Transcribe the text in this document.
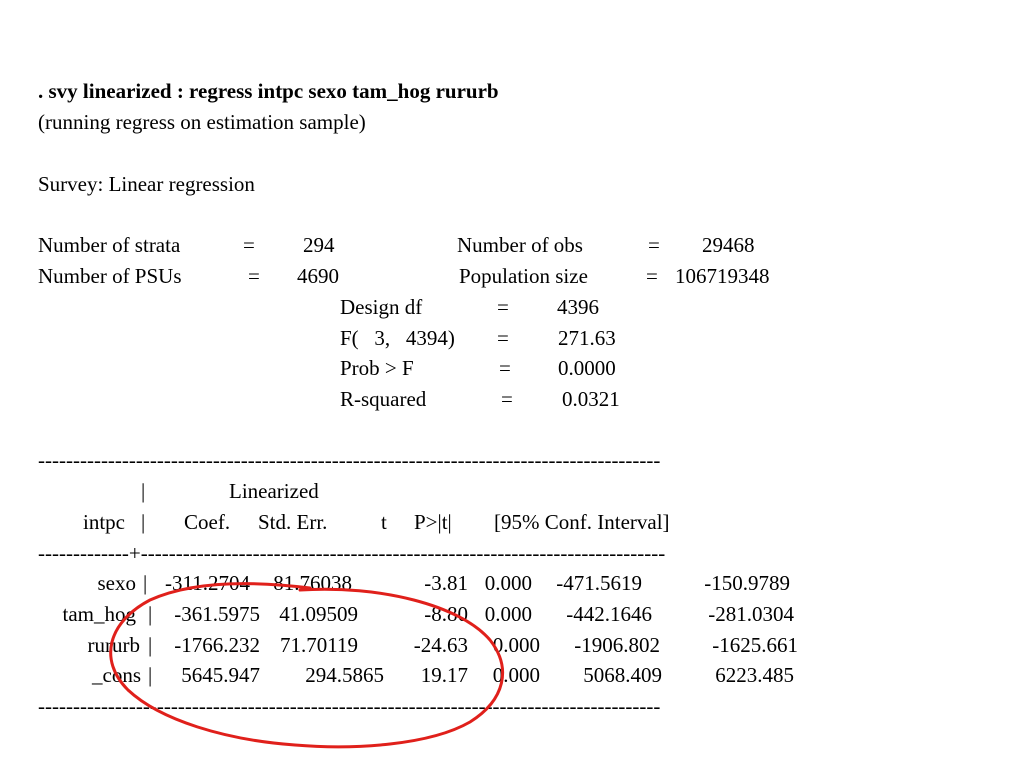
. svy linearized : regress intpc sexo tam_hog rururb
(running regress on estimation sample)
Survey: Linear regression
Number of strata	= 294
Number of PSUs	= 4690
Number of obs	= 29468
Population size	= 106719348
Design df	= 4396
F(   3,   4394) = 271.63
Prob > F	= 0.0000
R-squared	= 0.0321
-----------------------------------------------------------------------------------------
|	Linearized
intpc | Coef. Std. Err.	t P>|t| [95% Conf. Interval]
-------------+---------------------------------------------------------------------------
sexo | -311.2704	81.76038	-3.81 0.000	-471.5619	-150.9789
tam_hog |	-361.5975 41.09509	-8.80 0.000	-442.1646	-281.0304
rururb |	-1766.232 71.70119	-24.63	0.000	-1906.802	-1625.661
_cons |	5645.947	294.5865	19.17	0.000	5068.409	6223.485
-----------------------------------------------------------------------------------------
